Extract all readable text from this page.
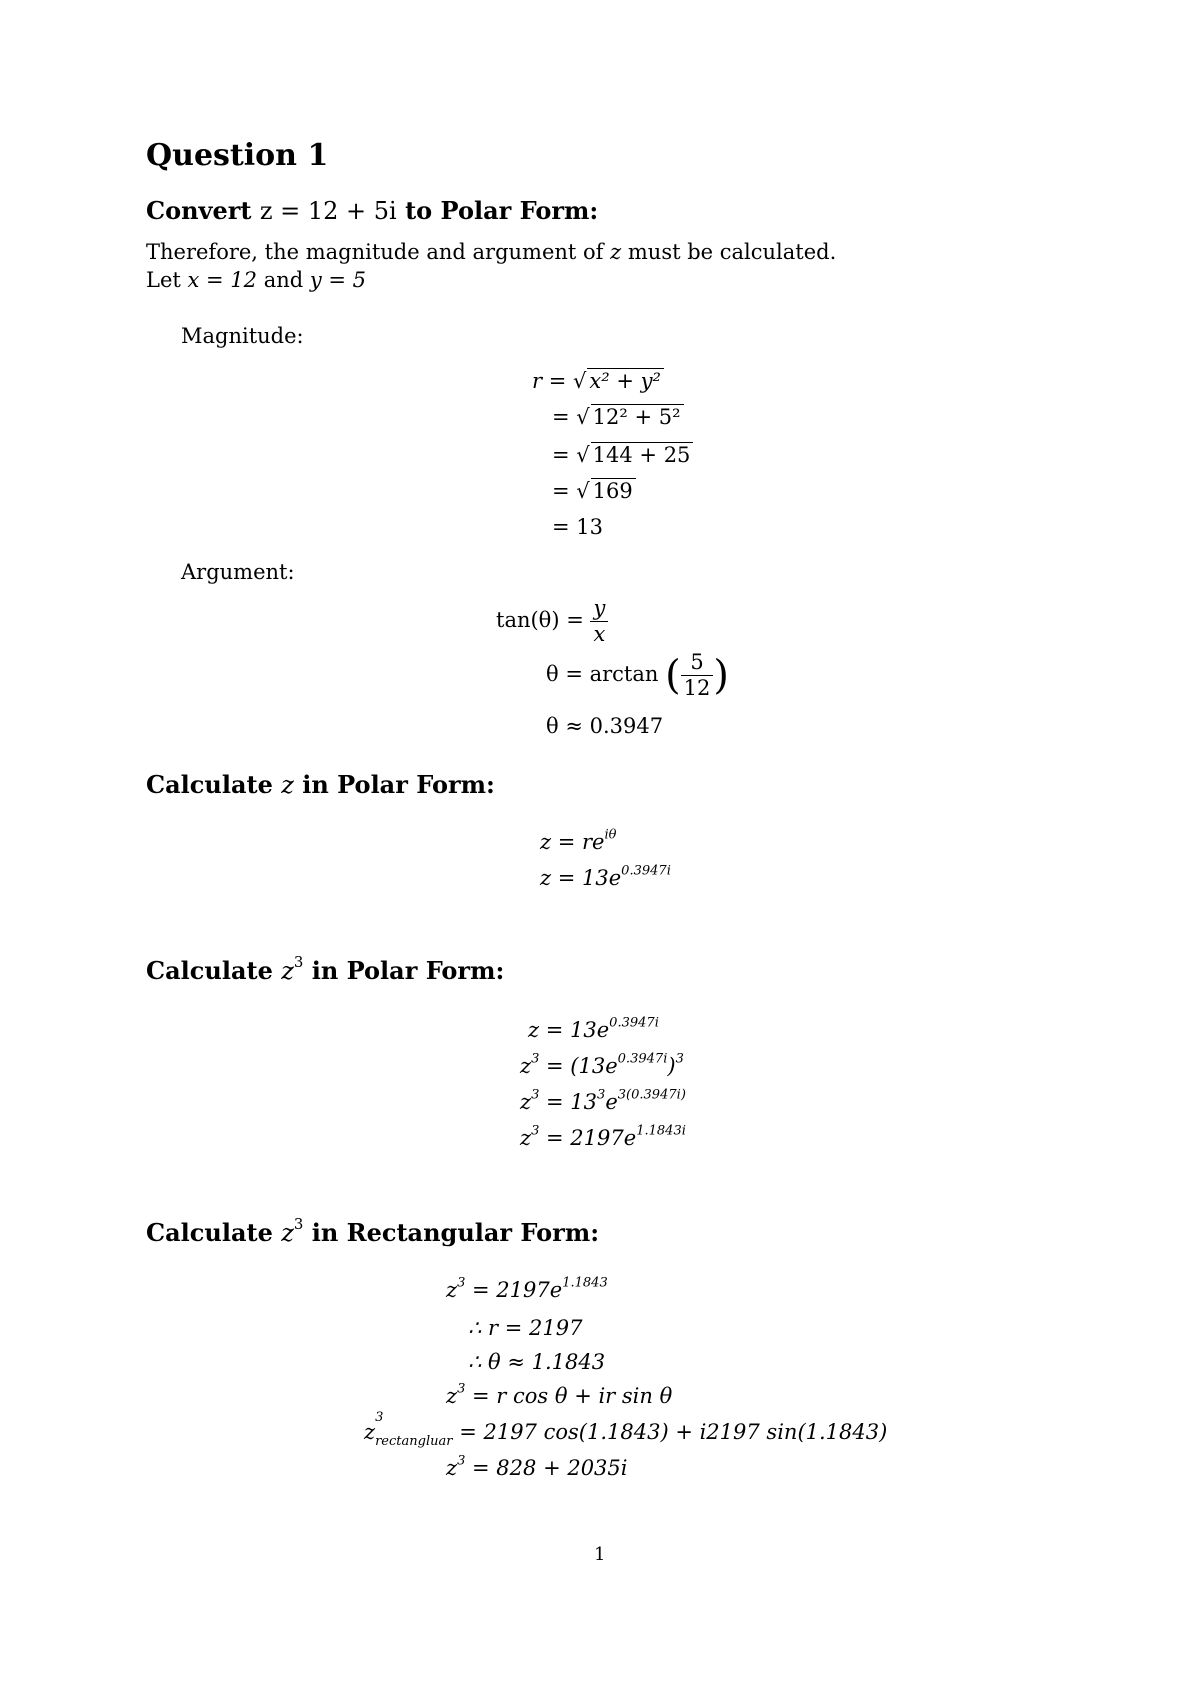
Question 1
Convert z = 12 + 5i to Polar Form:
Therefore, the magnitude and argument of z must be calculated.
Let x = 12 and y = 5
Magnitude:
r = √ x² + y²
= √ 12² + 5²
= √ 144 + 25
= √ 169
= 13
Argument:
$\tan(\theta) = \frac{y}{x}$
θ = arctan ( $\frac{5}{12}$ )
θ ≈ 0.3947
Calculate z in Polar Form:
$z = re^{i\theta}$
$z = 13e^{0.3947i}$
Calculate $z^3$ in Polar Form:
$z = 13e^{0.3947i}$
$z^3 = (13e^{0.3947i})^3$
$z^3 = 13^3e^{3(0.3947i)}$
$z^3 = 2197e^{1.1843i}$
Calculate $z^3$ in Rectangular Form:
$z^3 = 2197e^{1.1843}$
∴ r = 2197
∴ θ ≈ 1.1843
$z^3 = r$ cos θ + ir sin θ
z
3
$_{rectangluar}$ = 2197 cos(1.1843) + i2197 sin(1.1843)
$z^3 = 828 + 2035i$
1
